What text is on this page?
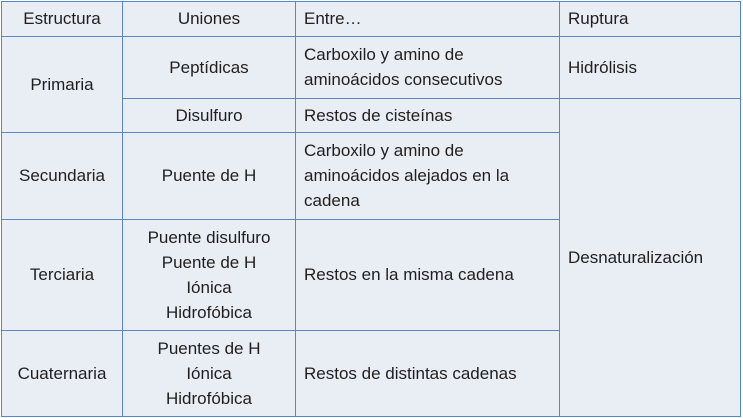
Estructura	Uniones	Entre…	Ruptura
Primaria	Peptídicas	Carboxilo y amino de
aminoácidos consecutivos	Hidrólisis

	Disulfuro	Restos de cisteínas	Desnaturalización
Secundaria	Puente de H	Carboxilo y amino de
aminoácidos alejados en la
cadena	

Terciaria	Puente disulfuro
Puente de H
Iónica
Hidrofóbica	Restos en la misma cadena	

Cuaternaria	Puentes de H
Iónica
Hidrofóbica	Restos de distintas cadenas	
